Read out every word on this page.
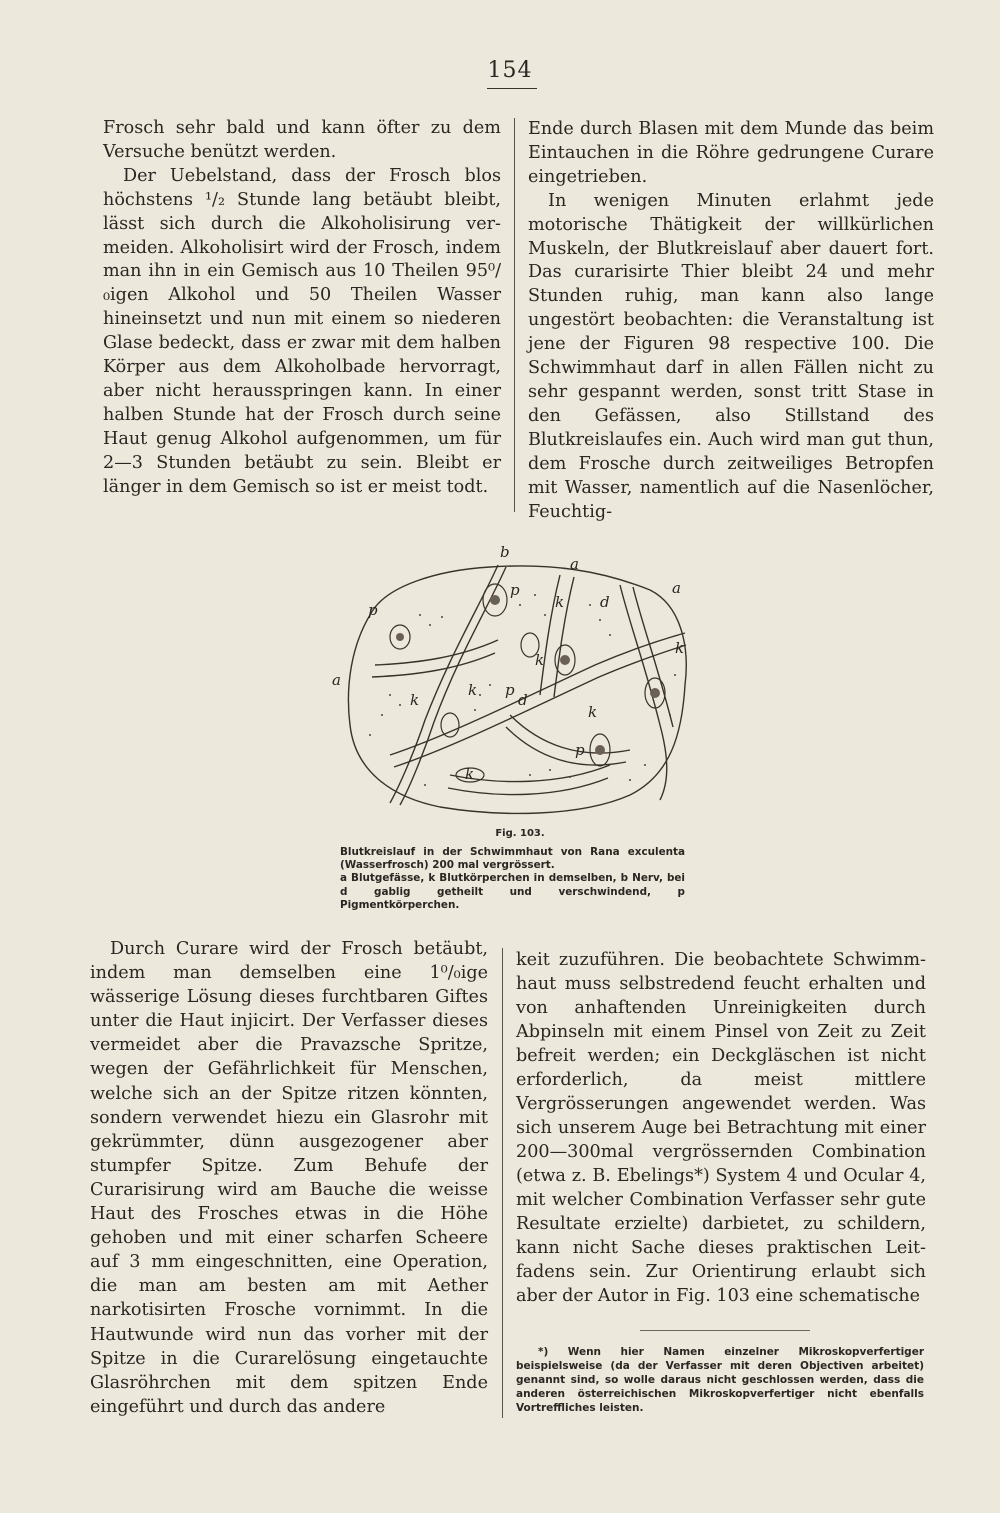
154

Frosch sehr bald und kann öfter zu dem Versuche benützt werden.

Der Uebelstand, dass der Frosch blos höchstens ¹/₂ Stunde lang betäubt bleibt, lässt sich durch die Alkoholisirung vermeiden. Alkoholisirt wird der Frosch, indem man ihn in ein Gemisch aus 10 Theilen 95⁰/₀igen Alkohol und 50 Theilen Wasser hineinsetzt und nun mit einem so niederen Glase bedeckt, dass er zwar mit dem halben Körper aus dem Alkoholbade hervorragt, aber nicht herausspringen kann. In einer halben Stunde hat der Frosch durch seine Haut genug Alkohol aufgenommen, um für 2—3 Stunden betäubt zu sein. Bleibt er länger in dem Gemisch so ist er meist todt.

Ende durch Blasen mit dem Munde das beim Eintauchen in die Röhre gedrungene Curare eingetrieben.

In wenigen Minuten erlahmt jede motorische Thätigkeit der willkürlichen Muskeln, der Blutkreislauf aber dauert fort. Das curarisirte Thier bleibt 24 und mehr Stunden ruhig, man kann also lange ungestört beobachten: die Veranstaltung ist jene der Figuren 98 respective 100. Die Schwimmhaut darf in allen Fällen nicht zu sehr gespannt werden, sonst tritt Stase in den Gefässen, also Stillstand des Blutkreislaufes ein. Auch wird man gut thun, dem Frosche durch zeitweiliges Betropfen mit Wasser, namentlich auf die Nasenlöcher, Feuchtig-

b
a
a
a
p
p
p
p
k
k
k
k
k
k
k
d
d
Fig. 103.

Blutkreislauf in der Schwimmhaut von Rana exculenta (Wasserfrosch) 200 mal vergrössert.

a Blutgefässe, k Blutkörperchen in demselben, b Nerv, bei d gablig getheilt und verschwindend, p Pigmentkörperchen.

Durch Curare wird der Frosch betäubt, indem man demselben eine 1⁰/₀ige wässerige Lösung dieses furchtbaren Giftes unter die Haut injicirt. Der Verfasser dieses vermeidet aber die Pravazsche Spritze, wegen der Gefährlichkeit für Menschen, welche sich an der Spitze ritzen könnten, sondern verwendet hiezu ein Glasrohr mit gekrümmter, dünn ausgezogener aber stumpfer Spitze. Zum Behufe der Curarisirung wird am Bauche die weisse Haut des Frosches etwas in die Höhe gehoben und mit einer scharfen Scheere auf 3 mm eingeschnitten, eine Operation, die man am besten am mit Aether narkotisirten Frosche vornimmt. In die Hautwunde wird nun das vorher mit der Spitze in die Curarelösung eingetauchte Glasröhrchen mit dem spitzen Ende eingeführt und durch das andere

keit zuzuführen. Die beobachtete Schwimmhaut muss selbstredend feucht erhalten und von anhaftenden Unreinigkeiten durch Abpinseln mit einem Pinsel von Zeit zu Zeit befreit werden; ein Deckgläschen ist nicht erforderlich, da meist mittlere Vergrösserungen angewendet werden. Was sich unserem Auge bei Betrachtung mit einer 200—300mal vergrössernden Combination (etwa z. B. Ebelings*) System 4 und Ocular 4, mit welcher Combination Verfasser sehr gute Resultate erzielte) darbietet, zu schildern, kann nicht Sache dieses praktischen Leitfadens sein. Zur Orientirung erlaubt sich aber der Autor in Fig. 103 eine schematische

*) Wenn hier Namen einzelner Mikroskopverfertiger beispielsweise (da der Verfasser mit deren Objectiven arbeitet) genannt sind, so wolle daraus nicht geschlossen werden, dass die anderen österreichischen Mikroskopverfertiger nicht ebenfalls Vortreffliches leisten.
